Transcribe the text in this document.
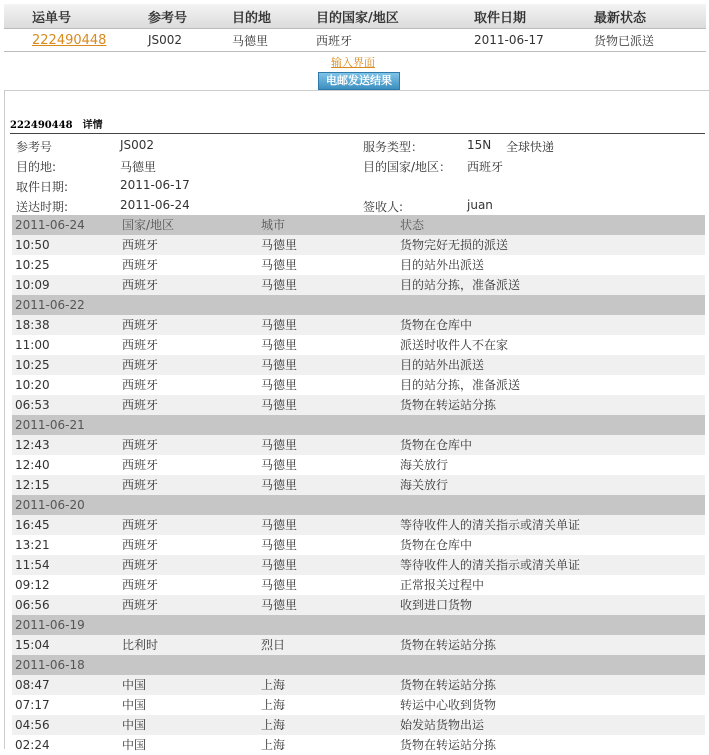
运单号	参考号	目的地	目的国家/地区	取件日期	最新状态
222490448	JS002	马德里	西班牙	2011-06-17	货物已派送
输入界面
电邮发送结果
222490448 详情
参考号	JS002	服务类型：	15N 全球快递
目的地:	马德里	目的国家/地区： 西班牙
取件日期:	2011-06-17
送达时期:	2011-06-24	签收人:	juan
2011-06-24	国家/地区	城市	状态
10:50	西班牙	马德里	货物完好无损的派送
10:25	西班牙	马德里	目的站外出派送
10:09	西班牙	马德里	目的站分拣，准备派送
2011-06-22
18:38	西班牙	马德里	货物在仓库中
11:00	西班牙	马德里	派送时收件人不在家
10:25	西班牙	马德里	目的站外出派送
10:20	西班牙	马德里	目的站分拣，准备派送
06:53	西班牙	马德里	货物在转运站分拣
2011-06-21
12:43	西班牙	马德里	货物在仓库中
12:40	西班牙	马德里	海关放行
12:15	西班牙	马德里	海关放行
2011-06-20
16:45	西班牙	马德里	等待收件人的清关指示或清关单证
13:21	西班牙	马德里	货物在仓库中
11:54	西班牙	马德里	等待收件人的清关指示或清关单证
09:12	西班牙	马德里	正常报关过程中
06:56	西班牙	马德里	收到进口货物
2011-06-19
15:04	比利时	烈日	货物在转运站分拣
2011-06-18
08:47	中国	上海	货物在转运站分拣
07:17	中国	上海	转运中心收到货物
04:56	中国	上海	始发站货物出运
02:24	中国	上海	货物在转运站分拣
